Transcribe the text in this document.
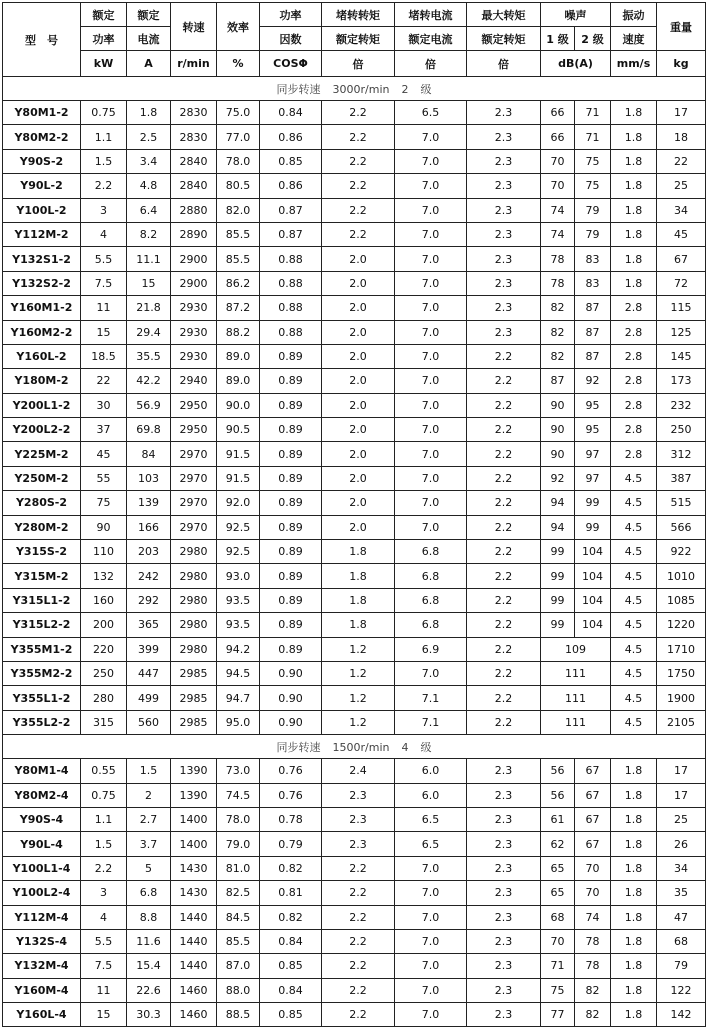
型　号	额定	额定	转速	效率	功率	堵转转矩	堵转电流	最大转矩	噪声		振动	重量
	功率	电流			因数	额定转矩	额定电流	额定转矩	1 级	2 级	速度	
	kW	A	r/min	%	COSΦ	倍	倍	倍	dB(A)		mm/s	kg
同步转速 3000r/min 2 级												
Y80M1-2	0.75	1.8	2830	75.0	0.84	2.2	6.5	2.3	66	71	1.8	17
Y80M2-2	1.1	2.5	2830	77.0	0.86	2.2	7.0	2.3	66	71	1.8	18
Y90S-2	1.5	3.4	2840	78.0	0.85	2.2	7.0	2.3	70	75	1.8	22
Y90L-2	2.2	4.8	2840	80.5	0.86	2.2	7.0	2.3	70	75	1.8	25
Y100L-2	3	6.4	2880	82.0	0.87	2.2	7.0	2.3	74	79	1.8	34
Y112M-2	4	8.2	2890	85.5	0.87	2.2	7.0	2.3	74	79	1.8	45
Y132S1-2	5.5	11.1	2900	85.5	0.88	2.0	7.0	2.3	78	83	1.8	67
Y132S2-2	7.5	15	2900	86.2	0.88	2.0	7.0	2.3	78	83	1.8	72
Y160M1-2	11	21.8	2930	87.2	0.88	2.0	7.0	2.3	82	87	2.8	115
Y160M2-2	15	29.4	2930	88.2	0.88	2.0	7.0	2.3	82	87	2.8	125
Y160L-2	18.5	35.5	2930	89.0	0.89	2.0	7.0	2.2	82	87	2.8	145
Y180M-2	22	42.2	2940	89.0	0.89	2.0	7.0	2.2	87	92	2.8	173
Y200L1-2	30	56.9	2950	90.0	0.89	2.0	7.0	2.2	90	95	2.8	232
Y200L2-2	37	69.8	2950	90.5	0.89	2.0	7.0	2.2	90	95	2.8	250
Y225M-2	45	84	2970	91.5	0.89	2.0	7.0	2.2	90	97	2.8	312
Y250M-2	55	103	2970	91.5	0.89	2.0	7.0	2.2	92	97	4.5	387
Y280S-2	75	139	2970	92.0	0.89	2.0	7.0	2.2	94	99	4.5	515
Y280M-2	90	166	2970	92.5	0.89	2.0	7.0	2.2	94	99	4.5	566
Y315S-2	110	203	2980	92.5	0.89	1.8	6.8	2.2	99	104	4.5	922
Y315M-2	132	242	2980	93.0	0.89	1.8	6.8	2.2	99	104	4.5	1010
Y315L1-2	160	292	2980	93.5	0.89	1.8	6.8	2.2	99	104	4.5	1085
Y315L2-2	200	365	2980	93.5	0.89	1.8	6.8	2.2	99	104	4.5	1220
Y355M1-2	220	399	2980	94.2	0.89	1.2	6.9	2.2	109		4.5	1710
Y355M2-2	250	447	2985	94.5	0.90	1.2	7.0	2.2	111		4.5	1750
Y355L1-2	280	499	2985	94.7	0.90	1.2	7.1	2.2	111		4.5	1900
Y355L2-2	315	560	2985	95.0	0.90	1.2	7.1	2.2	111		4.5	2105
同步转速 1500r/min 4 级												
Y80M1-4	0.55	1.5	1390	73.0	0.76	2.4	6.0	2.3	56	67	1.8	17
Y80M2-4	0.75	2	1390	74.5	0.76	2.3	6.0	2.3	56	67	1.8	17
Y90S-4	1.1	2.7	1400	78.0	0.78	2.3	6.5	2.3	61	67	1.8	25
Y90L-4	1.5	3.7	1400	79.0	0.79	2.3	6.5	2.3	62	67	1.8	26
Y100L1-4	2.2	5	1430	81.0	0.82	2.2	7.0	2.3	65	70	1.8	34
Y100L2-4	3	6.8	1430	82.5	0.81	2.2	7.0	2.3	65	70	1.8	35
Y112M-4	4	8.8	1440	84.5	0.82	2.2	7.0	2.3	68	74	1.8	47
Y132S-4	5.5	11.6	1440	85.5	0.84	2.2	7.0	2.3	70	78	1.8	68
Y132M-4	7.5	15.4	1440	87.0	0.85	2.2	7.0	2.3	71	78	1.8	79
Y160M-4	11	22.6	1460	88.0	0.84	2.2	7.0	2.3	75	82	1.8	122
Y160L-4	15	30.3	1460	88.5	0.85	2.2	7.0	2.3	77	82	1.8	142
